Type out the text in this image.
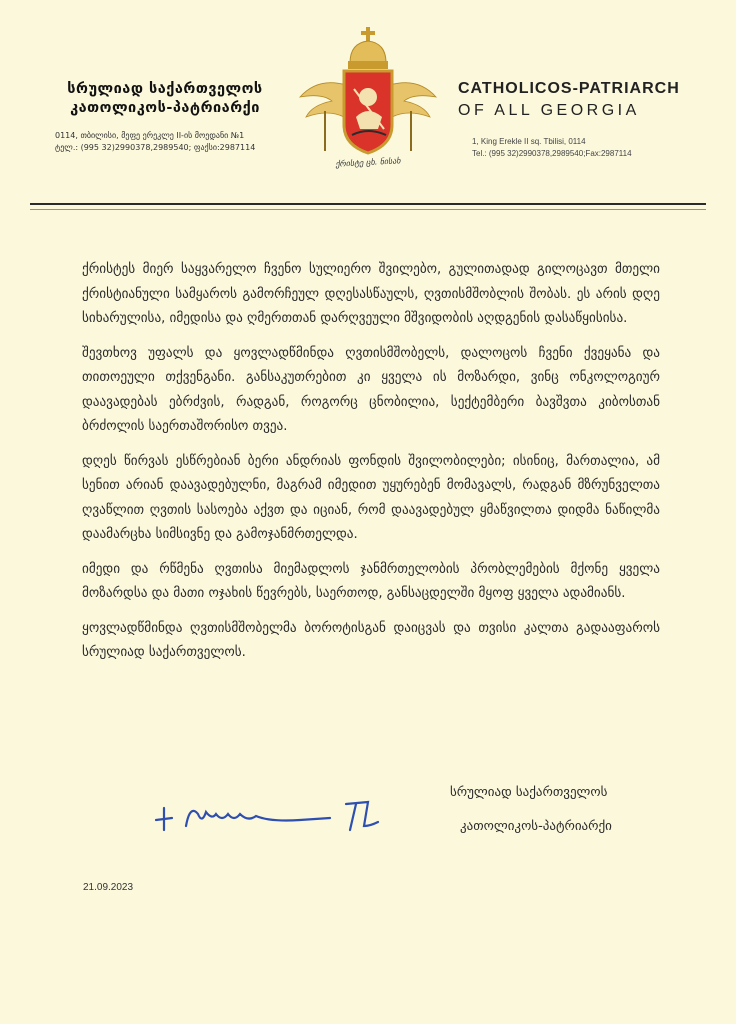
სრულიად საქართველოს
კათოლიკოს-პატრიარქი
0114, თბილისი, მეფე ერეკლე II-ის მოედანი №1
ტელ.: (995 32)2990378,2989540; ფაქსი:2987114
ქრისტე ცხ. ნისახ
CATHOLICOS-PATRIARCH
OF ALL GEORGIA
1, King Erekle II sq. Tbilisi, 0114
Tel.: (995 32)2990378,2989540;Fax:2987114

ქრისტეს მიერ საყვარელო ჩვენო სულიერო შვილებო, გულითადად გილოცავთ მთელი ქრისტიანული სამყაროს გამორჩეულ დღესასწაულს, ღვთისმშობლის შობას. ეს არის დღე სიხარულისა, იმედისა და ღმერთთან დარღვეული მშვიდობის აღდგენის დასაწყისისა.

შევთხოვ უფალს და ყოვლადწმინდა ღვთისმშობელს, დალოცოს ჩვენი ქვეყანა და თითოეული თქვენგანი. განსაკუთრებით კი ყველა ის მოზარდი, ვინც ონკოლოგიურ დაავადებას ებრძვის, რადგან, როგორც ცნობილია, სექტემბერი ბავშვთა კიბოსთან ბრძოლის საერთაშორისო თვეა.

დღეს წირვას ესწრებიან ბერი ანდრიას ფონდის შვილობილები; ისინიც, მართალია, ამ სენით არიან დაავადებულნი, მაგრამ იმედით უყურებენ მომავალს, რადგან მზრუნველთა ღვაწლით ღვთის სასოება აქვთ და იციან, რომ დაავადებულ ყმაწვილთა დიდმა ნაწილმა დაამარცხა სიმსივნე და გამოჯანმრთელდა.

იმედი და რწმენა ღვთისა მიემადლოს ჯანმრთელობის პრობლემების მქონე ყველა მოზარდსა და მათი ოჯახის წევრებს, საერთოდ, განსაცდელში მყოფ ყველა ადამიანს.

ყოვლადწმინდა ღვთისმშობელმა ბოროტისგან დაიცვას და თვისი კალთა გადააფაროს სრულიად საქართველოს.

სრულიად საქართველოს
კათოლიკოს-პატრიარქი
21.09.2023
